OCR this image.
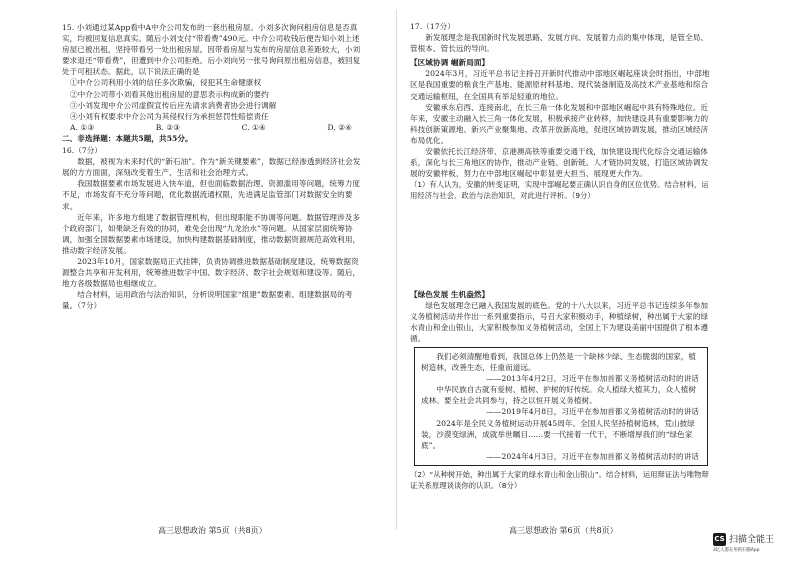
15. 小刘通过某App看中A中介公司发布的一套出租房屋。小刘多次询问租房信息是否真实，均被回复信息真实。随后小刘支付“带看费”490元。中介公司收钱后便告知小刘上述房屋已被出租，坚持带看另一处出租房屋。因带看房屋与发布的房屋信息差距较大，小刘要求退还“带看费”，但遭到中介公司拒绝。后小刘向另一张号询问原出租房信息，被回复处于可租状态。据此，以下说法正确的是

①中介公司利用小刘的信任多次欺骗，侵犯其生命健康权

②中介公司带小刘看其他出租房屋的意思表示构成新的要约

③小刘发现中介公司虚假宣传后应先请求消费者协会进行调解

④小刘有权要求中介公司为其侵权行为承担惩罚性赔偿责任

A. ①③	B. ②③	C. ①④	D. ②④

二、非选择题：本题共5题，共55分。

16.（7分）

数据，被视为未来时代的“新石油”。作为“新关键要素”，数据已经渗透到经济社会发展的方方面面，深刻改变着生产、生活和社会治理方式。

我国数据要素市场发展进入快车道，但也面临数据治理、资源滥用等问题，统筹力度不足，市场发育不充分等问题，优化数据流通权限，先进满足监管部门对数据安全的要求。

近年来，许多地方组建了数据管理机构，但出现职能不协调等问题。数据管理涉及多个政府部门，如果缺乏有效的协同，难免会出现“九龙治水”等问题。从国家层面统筹协调，加强全国数据要素市场建设，加快构建数据基础制度，推动数据资源规范高效利用，推动数字经济发展。

2023年10月，国家数据局正式挂牌，负责协调推进数据基础制度建设，统筹数据资源整合共享和开发利用，统筹推进数字中国、数字经济、数字社会规划和建设等。随后，地方各级数据局也相继成立。

结合材料，运用政治与法治知识，分析说明国家“组建”数据要素、组建数据局的考量。（7分）

高三思想政治 第5页（共8页）

17.（17分）

新发展理念是我国新时代发展思路、发展方向、发展着力点的集中体现，是管全局、管根本、管长远的导向。

【区域协调 崛新局面】

2024年3月，习近平总书记主持召开新时代推动中部地区崛起座谈会时指出，中部地区是我国重要的粮食生产基地、能源原材料基地、现代装备制造及高技术产业基地和综合交通运输枢纽，在全国具有举足轻重的地位。

安徽承东启西、连接南北，在长三角一体化发展和中部地区崛起中具有特殊地位。近年来，安徽主动融入长三角一体化发展，积极承接产业转移，加快建设具有重要影响力的科技创新策源地、新兴产业聚集地、改革开放新高地，促进区域协调发展，推动区域经济布局优化。

安徽依托长江经济带、京港澳高铁等重要交通干线，加快建设现代化综合交通运输体系，深化与长三角地区的协作，推动产业链、创新链、人才链协同发展，打造区域协调发展的安徽样板，努力在中部地区崛起中彰显更大担当、展现更大作为。

（1）有人认为，安徽的转变证明，实现中部崛起要正确认识自身的区位优势。结合材料，运用经济与社会、政治与法治知识，对此进行评析。（9分）

【绿色发展 生机盎然】

绿色发展理念已融入我国发展的底色。党的十八大以来，习近平总书记连续多年参加义务植树活动并作出一系列重要指示，号召大家积极动手，种植绿树，种出属于大家的绿水青山和金山银山，大家积极参加义务植树活动，全国上下为建设美丽中国提供了根本遵循。

我们必须清醒地看到，我国总体上仍然是一个缺林少绿、生态脆弱的国家，植树造林，改善生态，任重而道远。

——2013年4月2日，习近平在参加首都义务植树活动时的讲话

中华民族自古就有爱树、植树、护树的好传统。众人植绿大植其力，众人植树成林。要全社会共同参与，持之以恒开展义务植树。

——2019年4月8日，习近平在参加首都义务植树活动时的讲话

2024年是全民义务植树运动开展45周年。全国人民坚持植树造林，荒山披绿装，沙漠变绿洲，成就举世瞩目……要一代接着一代干，不断增厚我们的“绿色家底”。

——2024年4月3日，习近平在参加首都义务植树活动时的讲话

（2）“从种树开始，种出属于大家的绿水青山和金山银山”。结合材料，运用辩证法与唯物辩证关系原理谈谈你的认识。（8分）

高三思想政治 第6页（共8页）
CS 扫描全能王
3亿人都在用的扫描App
